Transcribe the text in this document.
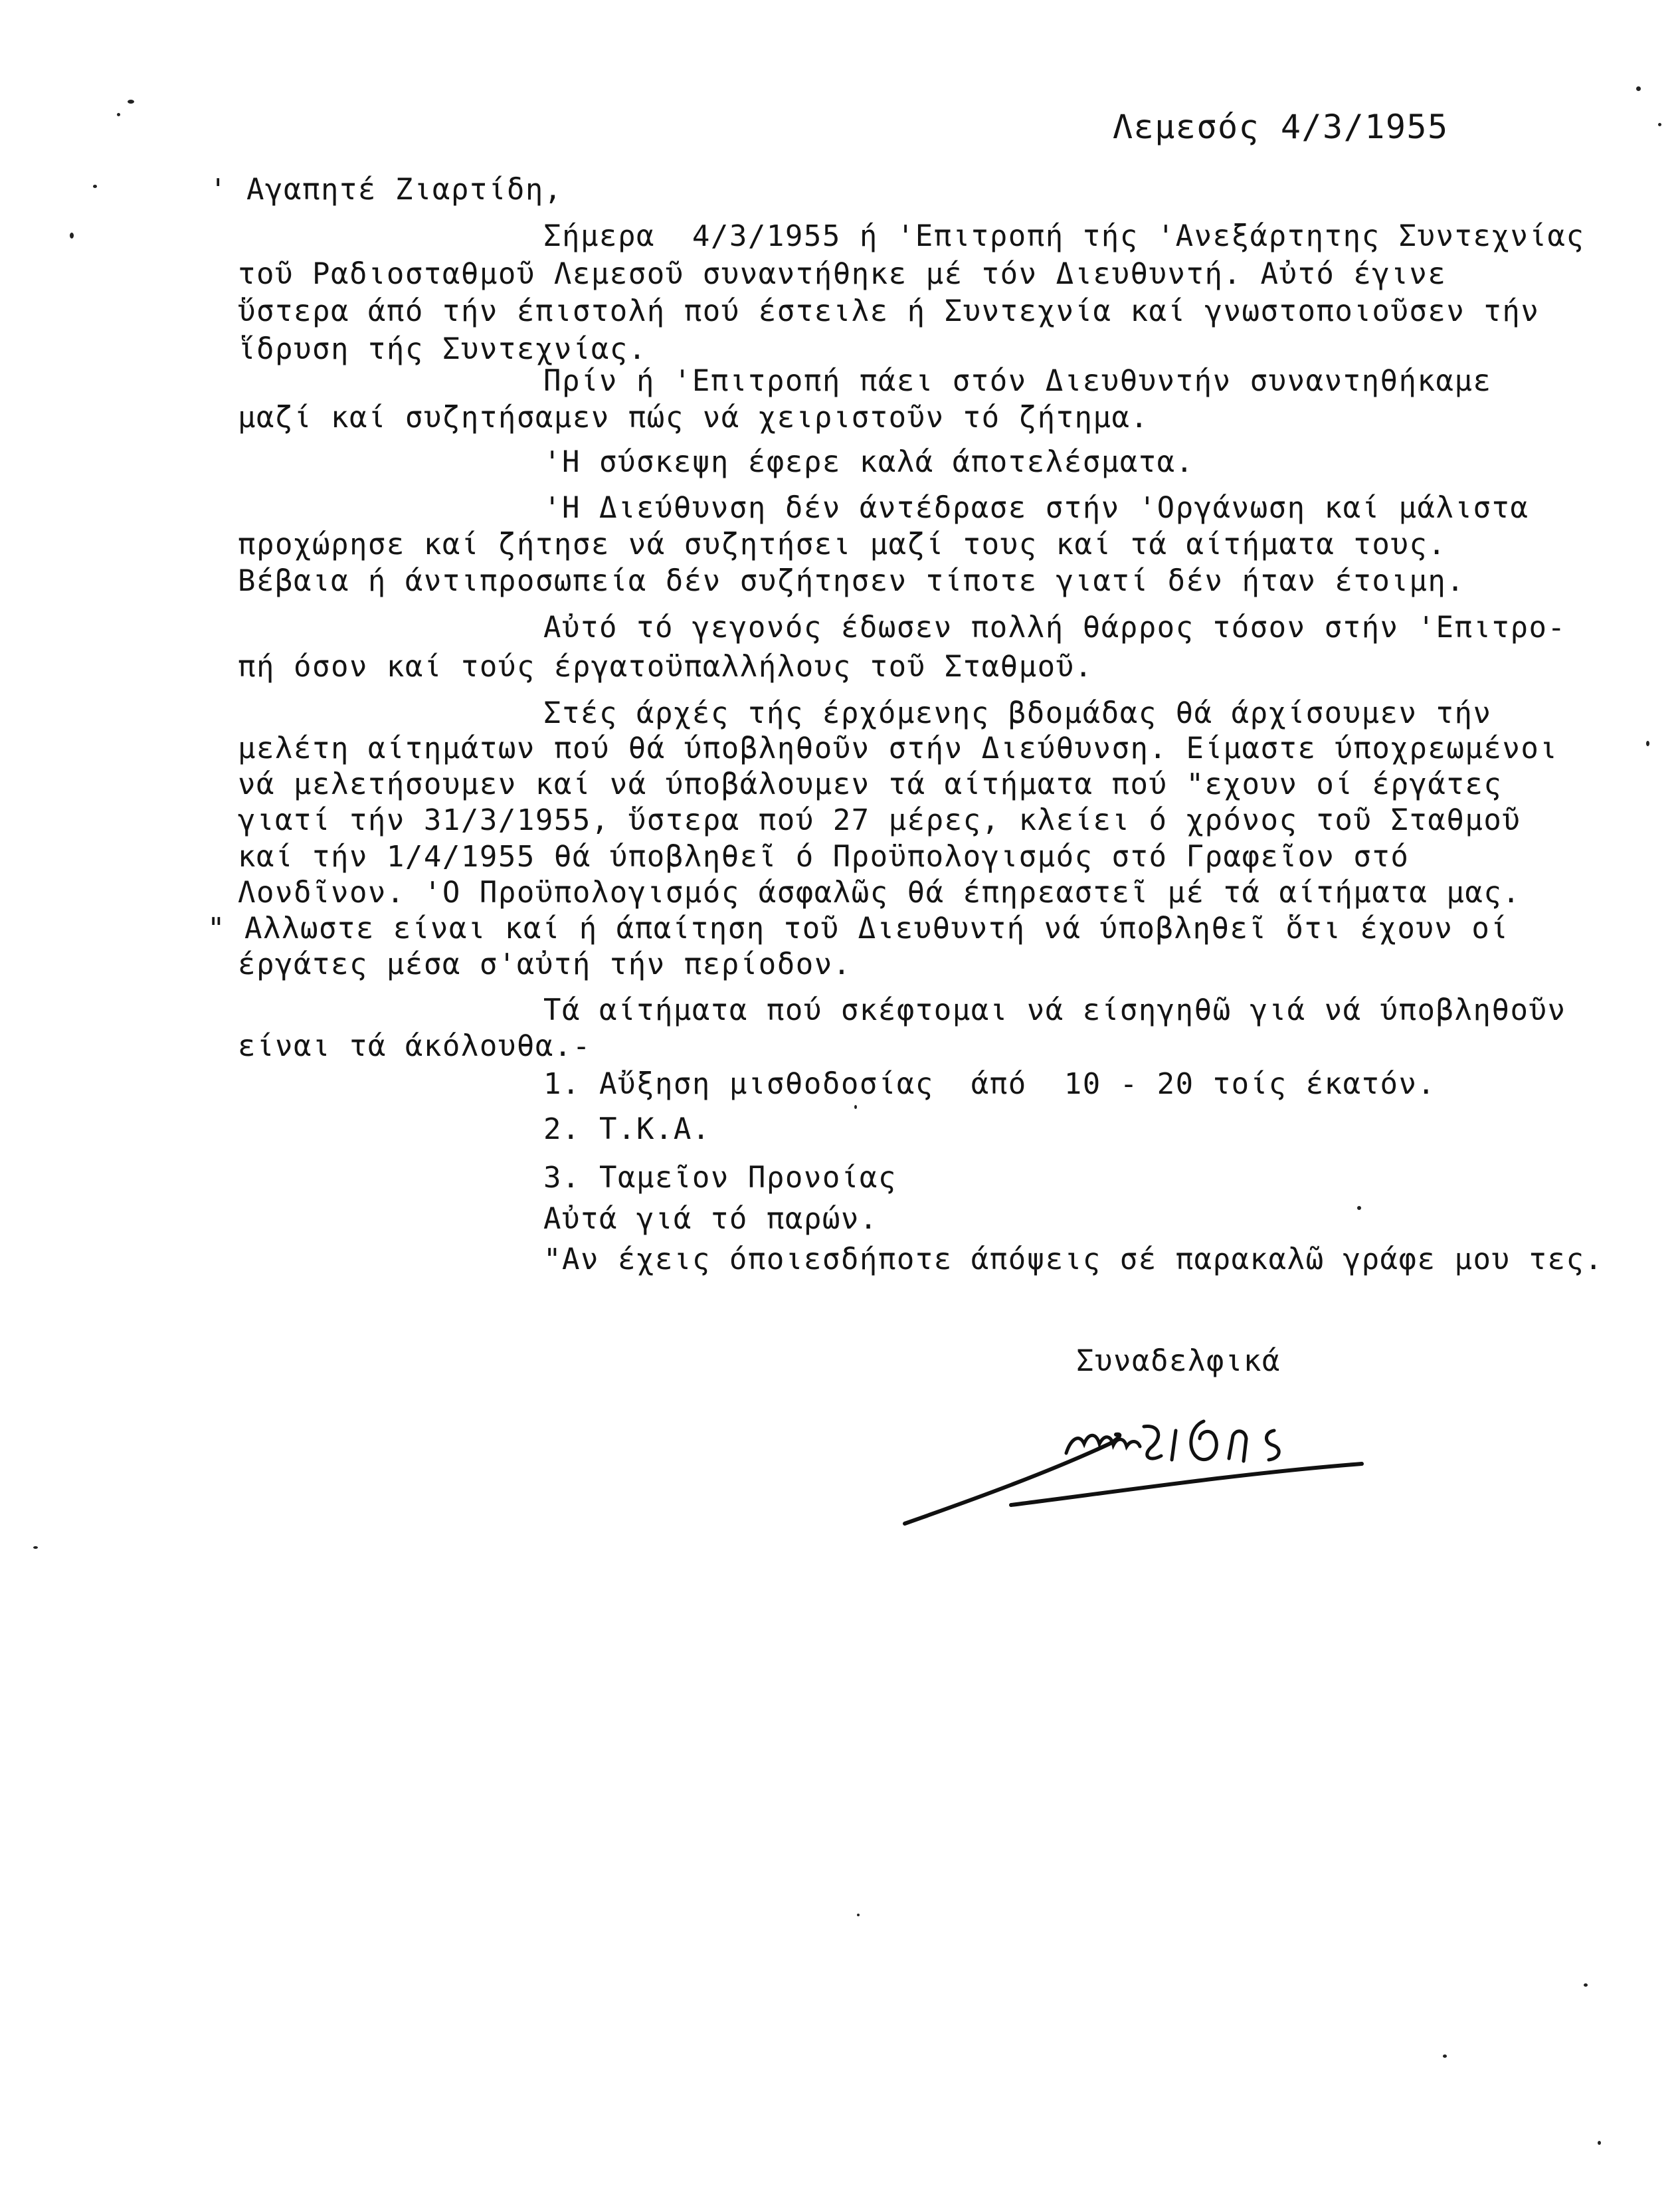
Λεμεσός 4/3/1955
' Αγαπητέ Ζιαρτίδη,
Σήμερα  4/3/1955 ή 'Επιτροπή τής 'Ανεξάρτητης Συντεχνίας
τοῦ Ραδιοσταθμοῦ Λεμεσοῦ συναντήθηκε μέ τόν Διευθυντή. Αὐτό έγινε
ὕστερα άπό τήν έπιστολή πού έστειλε ή Συντεχνία καί γνωστοποιοῦσεν τήν
ἵδρυση τής Συντεχνίας.
Πρίν ή 'Επιτροπή πάει στόν Διευθυντήν συναντηθήκαμε
μαζί καί συζητήσαμεν πώς νά χειριστοῦν τό ζήτημα.
'Η σύσκεψη έφερε καλά άποτελέσματα.
'Η Διεύθυνση δέν άντέδρασε στήν 'Οργάνωση καί μάλιστα
προχώρησε καί ζήτησε νά συζητήσει μαζί τους καί τά αίτήματα τους.
Βέβαια ή άντιπροσωπεία δέν συζήτησεν τίποτε γιατί δέν ήταν έτοιμη.
Αὐτό τό γεγονός έδωσεν πολλή θάρρος τόσον στήν 'Επιτρο-
πή όσον καί τούς έργατοϋπαλλήλους τοῦ Σταθμοῦ.
Στές άρχές τής έρχόμενης βδομάδας θά άρχίσουμεν τήν
μελέτη αίτημάτων πού θά ύποβληθοῦν στήν Διεύθυνση. Είμαστε ύποχρεωμένοι
νά μελετήσουμεν καί νά ύποβάλουμεν τά αίτήματα πού "εχουν οί έργάτες
γιατί τήν 31/3/1955, ὕστερα πού 27 μέρες, κλείει ό χρόνος τοῦ Σταθμοῦ
καί τήν 1/4/1955 θά ύποβληθεῖ ό Προϋπολογισμός στό Γραφεῖον στό
Λονδῖνον. 'Ο Προϋπολογισμός άσφαλῶς θά έπηρεαστεῖ μέ τά αίτήματα μας.
" Αλλωστε είναι καί ή άπαίτηση τοῦ Διευθυντή νά ύποβληθεῖ ὅτι έχουν οί
έργάτες μέσα σ'αὐτή τήν περίοδον.
Τά αίτήματα πού σκέφτομαι νά είσηγηθῶ γιά νά ύποβληθοῦν
είναι τά άκόλουθα.-
1. Αὔξηση μισθοδοσίας  άπό  10 - 20 τοίς έκατόν.
2. Τ.Κ.Α.
3. Ταμεῖον Προνοίας
Αὐτά γιά τό παρών.
"Αν έχεις όποιεσδήποτε άπόψεις σέ παρακαλῶ γράφε μου τες.
Συναδελφικά
